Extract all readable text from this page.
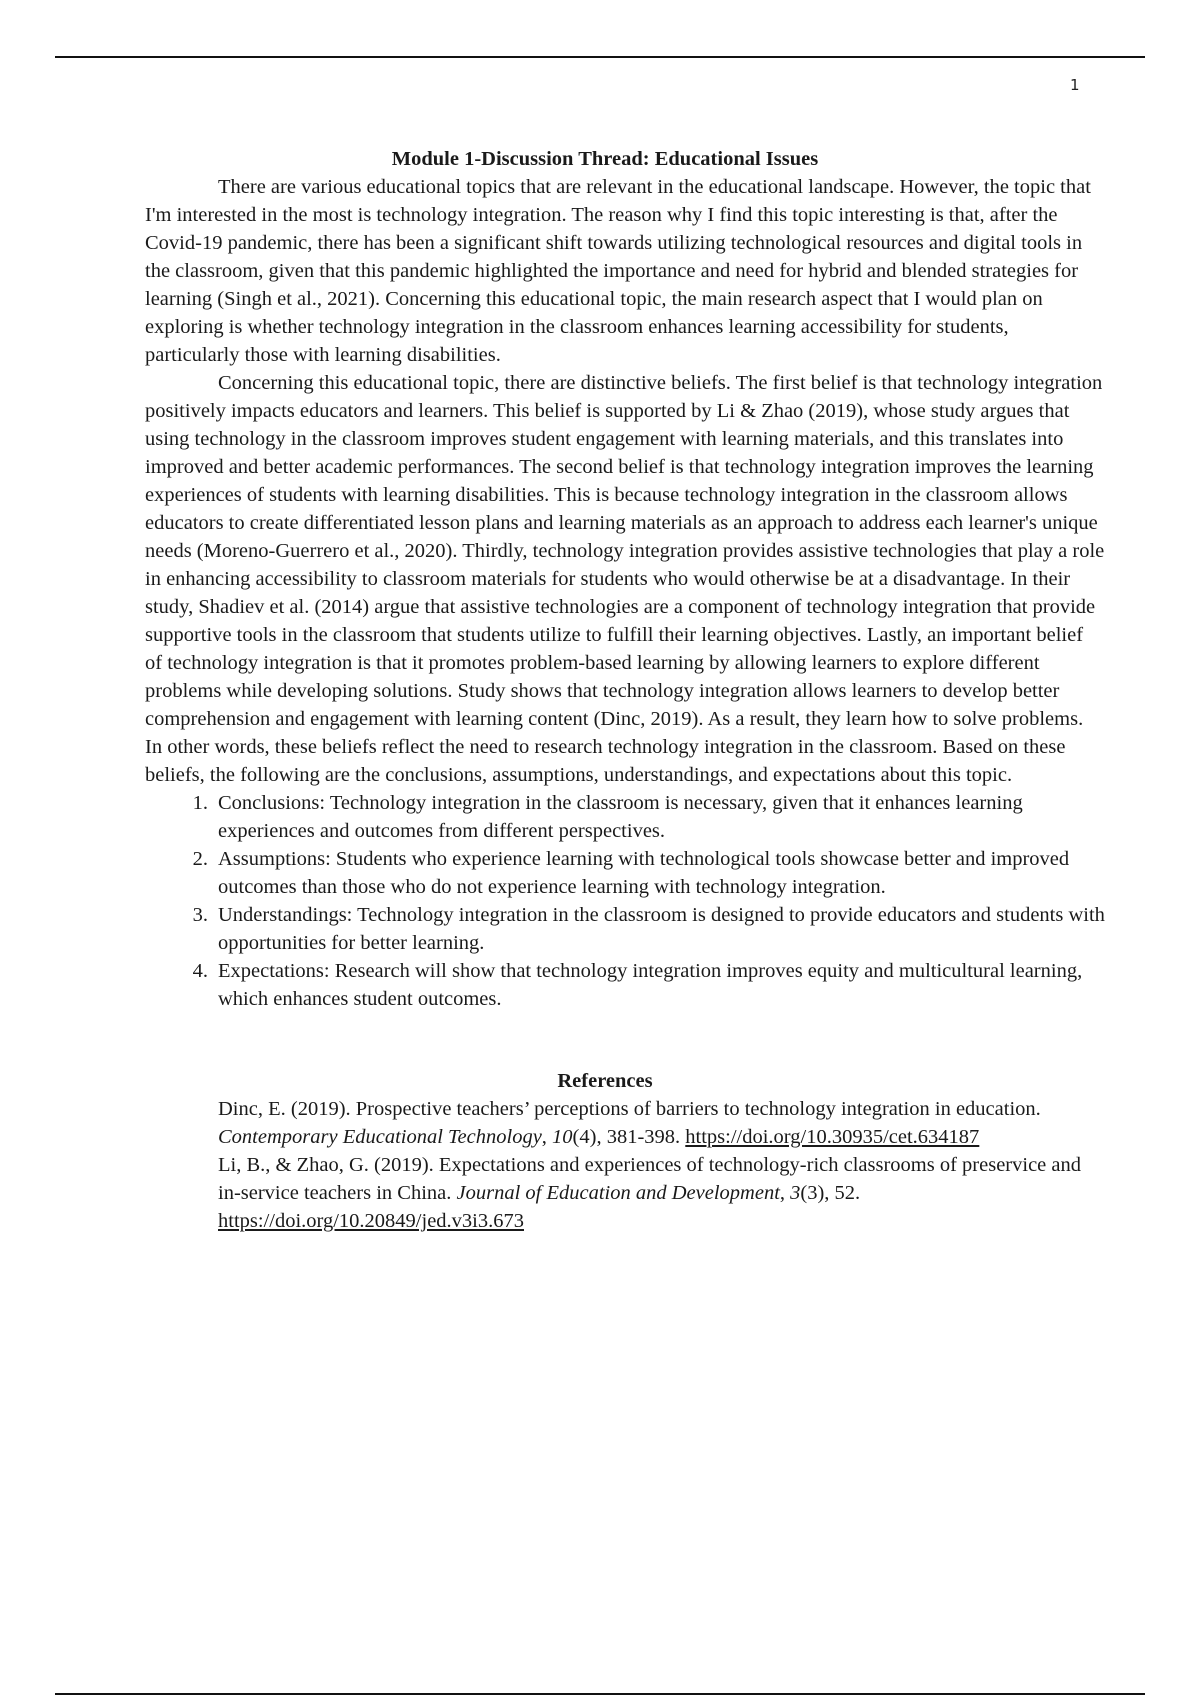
1

Module 1-Discussion Thread: Educational Issues

There are various educational topics that are relevant in the educational landscape. However, the topic that I'm interested in the most is technology integration. The reason why I find this topic interesting is that, after the Covid-19 pandemic, there has been a significant shift towards utilizing technological resources and digital tools in the classroom, given that this pandemic highlighted the importance and need for hybrid and blended strategies for learning (Singh et al., 2021). Concerning this educational topic, the main research aspect that I would plan on exploring is whether technology integration in the classroom enhances learning accessibility for students, particularly those with learning disabilities.

Concerning this educational topic, there are distinctive beliefs. The first belief is that technology integration positively impacts educators and learners. This belief is supported by Li & Zhao (2019), whose study argues that using technology in the classroom improves student engagement with learning materials, and this translates into improved and better academic performances. The second belief is that technology integration improves the learning experiences of students with learning disabilities. This is because technology integration in the classroom allows educators to create differentiated lesson plans and learning materials as an approach to address each learner's unique needs (Moreno-Guerrero et al., 2020). Thirdly, technology integration provides assistive technologies that play a role in enhancing accessibility to classroom materials for students who would otherwise be at a disadvantage. In their study, Shadiev et al. (2014) argue that assistive technologies are a component of technology integration that provide supportive tools in the classroom that students utilize to fulfill their learning objectives. Lastly, an important belief of technology integration is that it promotes problem-based learning by allowing learners to explore different problems while developing solutions. Study shows that technology integration allows learners to develop better comprehension and engagement with learning content (Dinc, 2019). As a result, they learn how to solve problems. In other words, these beliefs reflect the need to research technology integration in the classroom. Based on these beliefs, the following are the conclusions, assumptions, understandings, and expectations about this topic.

1. Conclusions: Technology integration in the classroom is necessary, given that it enhances learning experiences and outcomes from different perspectives.
2. Assumptions: Students who experience learning with technological tools showcase better and improved outcomes than those who do not experience learning with technology integration.
3. Understandings: Technology integration in the classroom is designed to provide educators and students with opportunities for better learning.
4. Expectations: Research will show that technology integration improves equity and multicultural learning, which enhances student outcomes.

References

Dinc, E. (2019). Prospective teachers’ perceptions of barriers to technology integration in education. Contemporary Educational Technology, 10(4), 381-398. https://doi.org/10.30935/cet.634187

Li, B., & Zhao, G. (2019). Expectations and experiences of technology-rich classrooms of preservice and in-service teachers in China. Journal of Education and Development, 3(3), 52. https://doi.org/10.20849/jed.v3i3.673
